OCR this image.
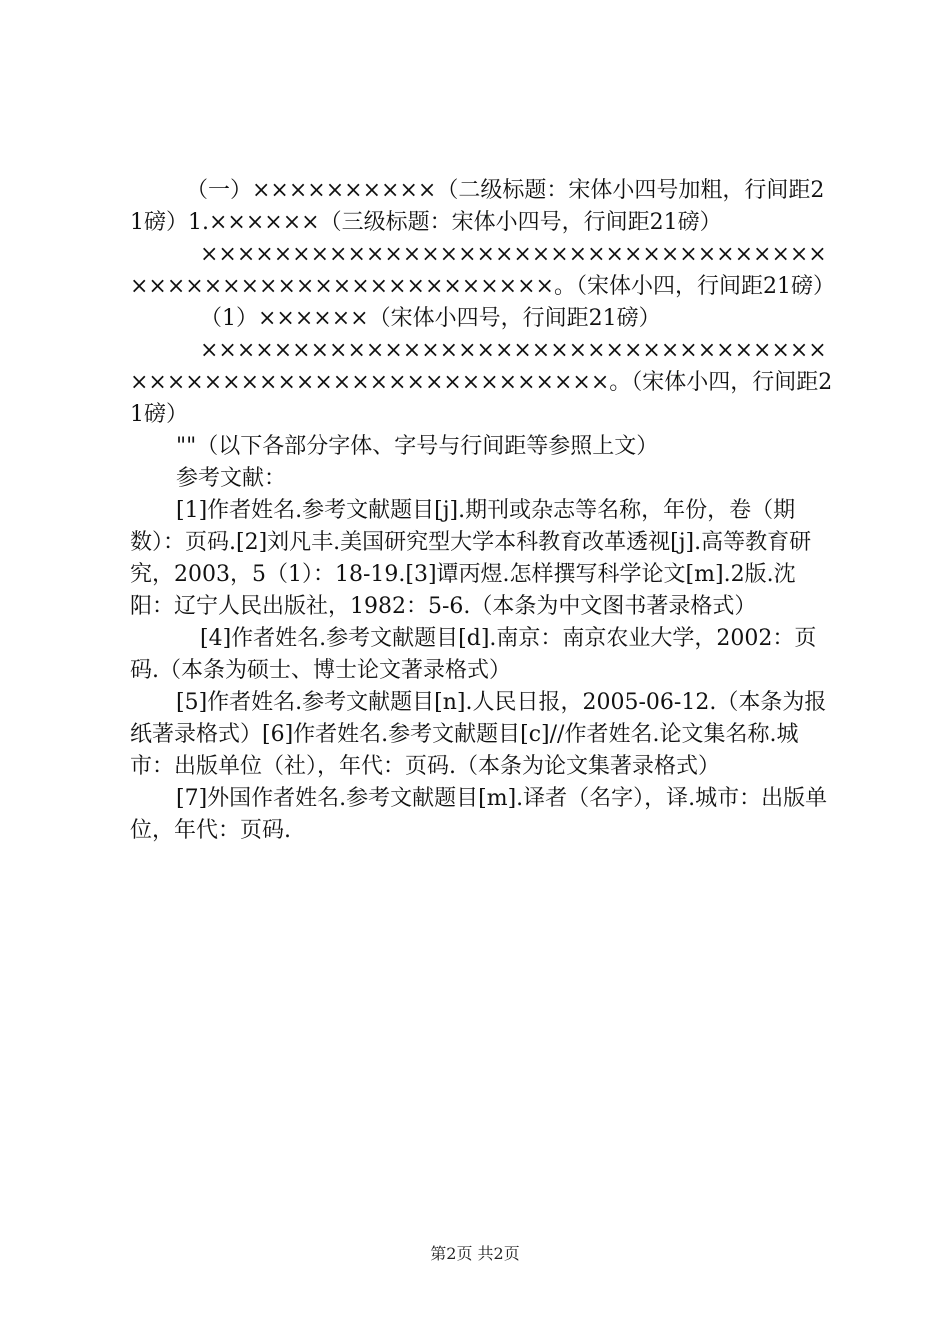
（一）××××××××××（二级标题：宋体小四号加粗，行间距21磅）1.××××××（三级标题：宋体小四号，行间距21磅）

×××××××××××××××××××××××××××××××××××××××××××××××××××××××××。（宋体小四，行间距21磅）

（1）××××××（宋体小四号，行间距21磅）

××××××××××××××××××××××××××××××××××××××××××××××××××××××××××××。（宋体小四，行间距21磅）

""（以下各部分字体、字号与行间距等参照上文）

参考文献：

[1]作者姓名.参考文献题目[j].期刊或杂志等名称，年份，卷（期数）：页码.[2]刘凡丰.美国研究型大学本科教育改革透视[j].高等教育研究，2003，5（1）：18-19.[3]谭丙煜.怎样撰写科学论文[m].2版.沈阳：辽宁人民出版社，1982：5-6.（本条为中文图书著录格式）

[4]作者姓名.参考文献题目[d].南京：南京农业大学，2002：页码.（本条为硕士、博士论文著录格式）

[5]作者姓名.参考文献题目[n].人民日报，2005-06-12.（本条为报纸著录格式）[6]作者姓名.参考文献题目[c]//作者姓名.论文集名称.城市：出版单位（社），年代：页码.（本条为论文集著录格式）

[7]外国作者姓名.参考文献题目[m].译者（名字），译.城市：出版单位，年代：页码.

第2页 共2页
